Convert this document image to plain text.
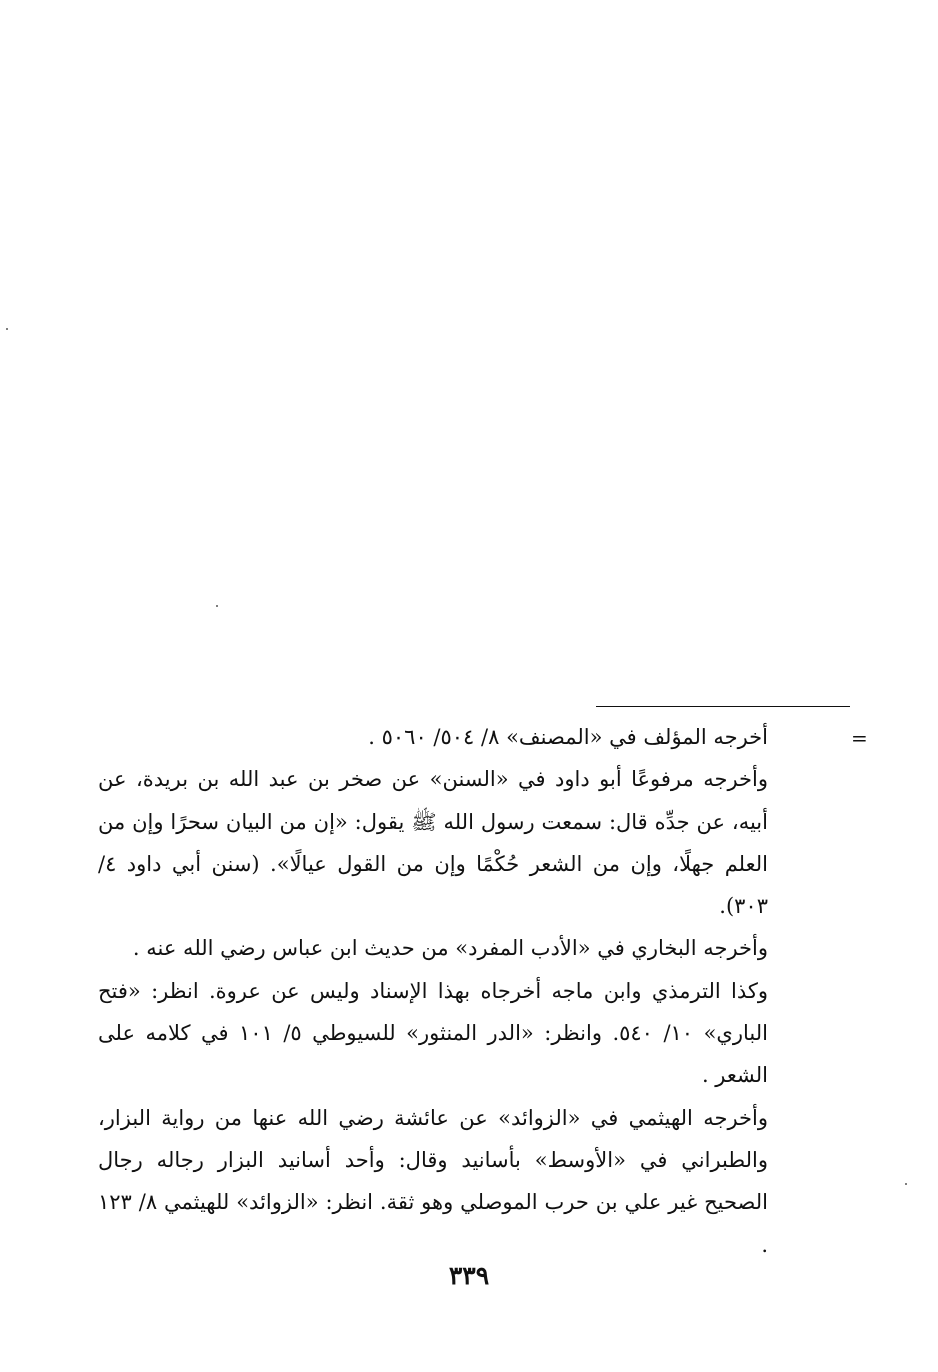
=

أخرجه المؤلف في «المصنف» ٨/ ٥٠٤/ ٥٠٦٠ .

وأخرجه مرفوعًا أبو داود في «السنن» عن صخر بن عبد الله بن بريدة، عن أبيه، عن جدِّه قال: سمعت رسول الله ﷺ يقول: «إن من البيان سحرًا وإن من العلم جهلًا، وإن من الشعر حُكْمًا وإن من القول عيالًا». (سنن أبي داود ٤/ ٣٠٣).

وأخرجه البخاري في «الأدب المفرد» من حديث ابن عباس رضي الله عنه .

وكذا الترمذي وابن ماجه أخرجاه بهذا الإسناد وليس عن عروة. انظر: «فتح الباري» ١٠/ ٥٤٠. وانظر: «الدر المنثور» للسيوطي ٥/ ١٠١ في كلامه على الشعر .

وأخرجه الهيثمي في «الزوائد» عن عائشة رضي الله عنها من رواية البزار، والطبراني في «الأوسط» بأسانيد وقال: وأحد أسانيد البزار رجاله رجال الصحيح غير علي بن حرب الموصلي وهو ثقة. انظر: «الزوائد» للهيثمي ٨/ ١٢٣ .

٣٣٩
